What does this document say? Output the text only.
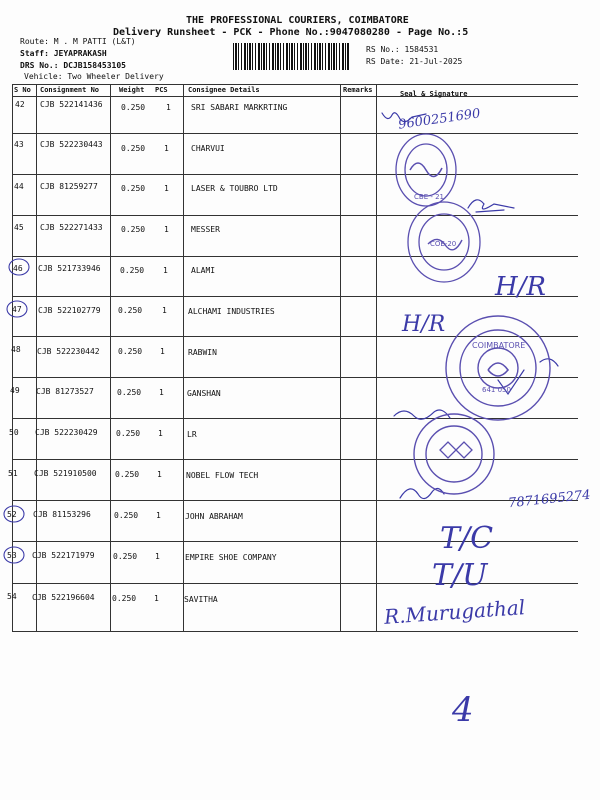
THE PROFESSIONAL COURIERS, COIMBATORE
Delivery Runsheet - PCK - Phone No.:9047080280 - Page No.:5
Route: M . M PATTI (L&T)
Staff: JEYAPRAKASH
DRS No.: DCJB158453105
Vehicle: Two Wheeler Delivery
RS No.: 1584531
RS Date: 21-Jul-2025
S No Consignment No	Weight PCS	Consignee Details	Remarks	Seal & Signature
42 CJB 522141436 0.250	1	SRI SABARI MARKRTING
43 CJB 522230443 0.250 1	CHARVUI
44 CJB 81259277	0.250 1	LASER & TOUBRO LTD
45 CJB 522271433 0.250 1	MESSER
46 CJB 521733946 0.250 1	ALAMI
47 CJB 522102779 0.250 1	ALCHAMI INDUSTRIES
48 CJB 522230442 0.250 1	RABWIN
49 CJB 81273527	0.250 1	GANSHAN
50 CJB 522230429 0.250 1	LR
51 CJB 521910500 0.250 1	NOBEL FLOW TECH
52 CJB 81153296	0.250 1	JOHN ABRAHAM
53 CJB 522171979 0.250 1	EMPIRE SHOE COMPANY
54 CJB 522196604 0.250 1	SAVITHA
CBE - 21
COE-20
COIMBATORE
641 050
9600251690
H/R
H/R
7871695274
T/C
T/U
R.Murugathal
4
